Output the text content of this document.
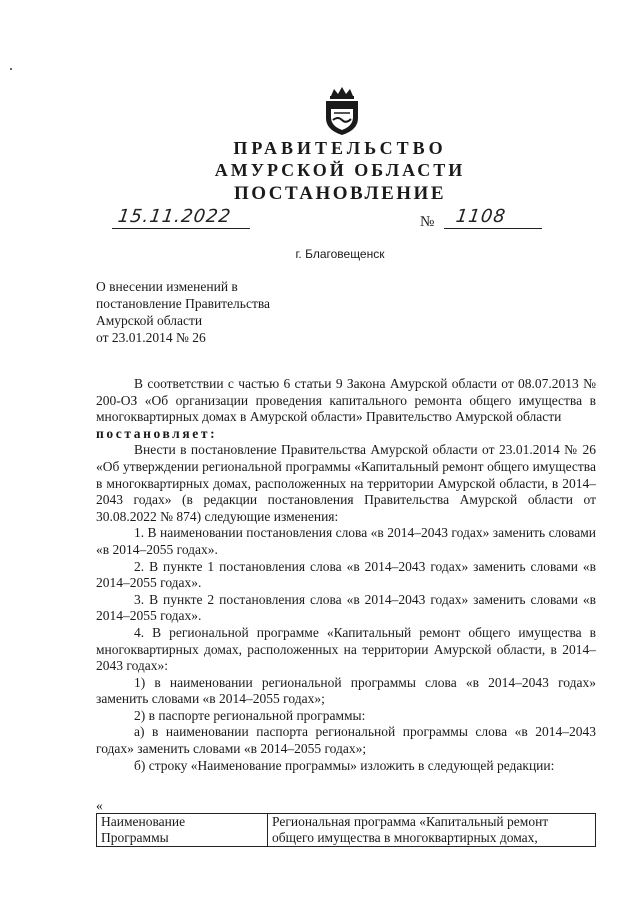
ПРАВИТЕЛЬСТВО
АМУРСКОЙ ОБЛАСТИ
ПОСТАНОВЛЕНИЕ
15.11.2022	№ 1108
г. Благовещенск
О внесении изменений в
постановление Правительства
Амурской области
от 23.01.2014 № 26

В соответствии с частью 6 статьи 9 Закона Амурской области от 08.07.2013 № 200-ОЗ «Об организации проведения капитального ремонта общего имущества в многоквартирных домах в Амурской области» Правительство Амурской области

постановляет:

Внести в постановление Правительства Амурской области от 23.01.2014 № 26 «Об утверждении региональной программы «Капитальный ремонт общего имущества в многоквартирных домах, расположенных на территории Амурской области, в 2014–2043 годах» (в редакции постановления Правительства Амурской области от 30.08.2022 № 874) следующие изменения:

1. В наименовании постановления слова «в 2014–2043 годах» заменить словами «в 2014–2055 годах».

2. В пункте 1 постановления слова «в 2014–2043 годах» заменить словами «в 2014–2055 годах».

3. В пункте 2 постановления слова «в 2014–2043 годах» заменить словами «в 2014–2055 годах».

4. В региональной программе «Капитальный ремонт общего имущества в многоквартирных домах, расположенных на территории Амурской области, в 2014–2043 годах»:

1) в наименовании региональной программы слова «в 2014–2043 годах» заменить словами «в 2014–2055 годах»;

2) в паспорте региональной программы:

а) в наименовании паспорта региональной программы слова «в 2014–2043 годах» заменить словами «в 2014–2055 годах»;

б) строку «Наименование программы» изложить в следующей редакции:

«
Наименование
Программы

Региональная программа «Капитальный ремонт
общего имущества в многоквартирных домах,
